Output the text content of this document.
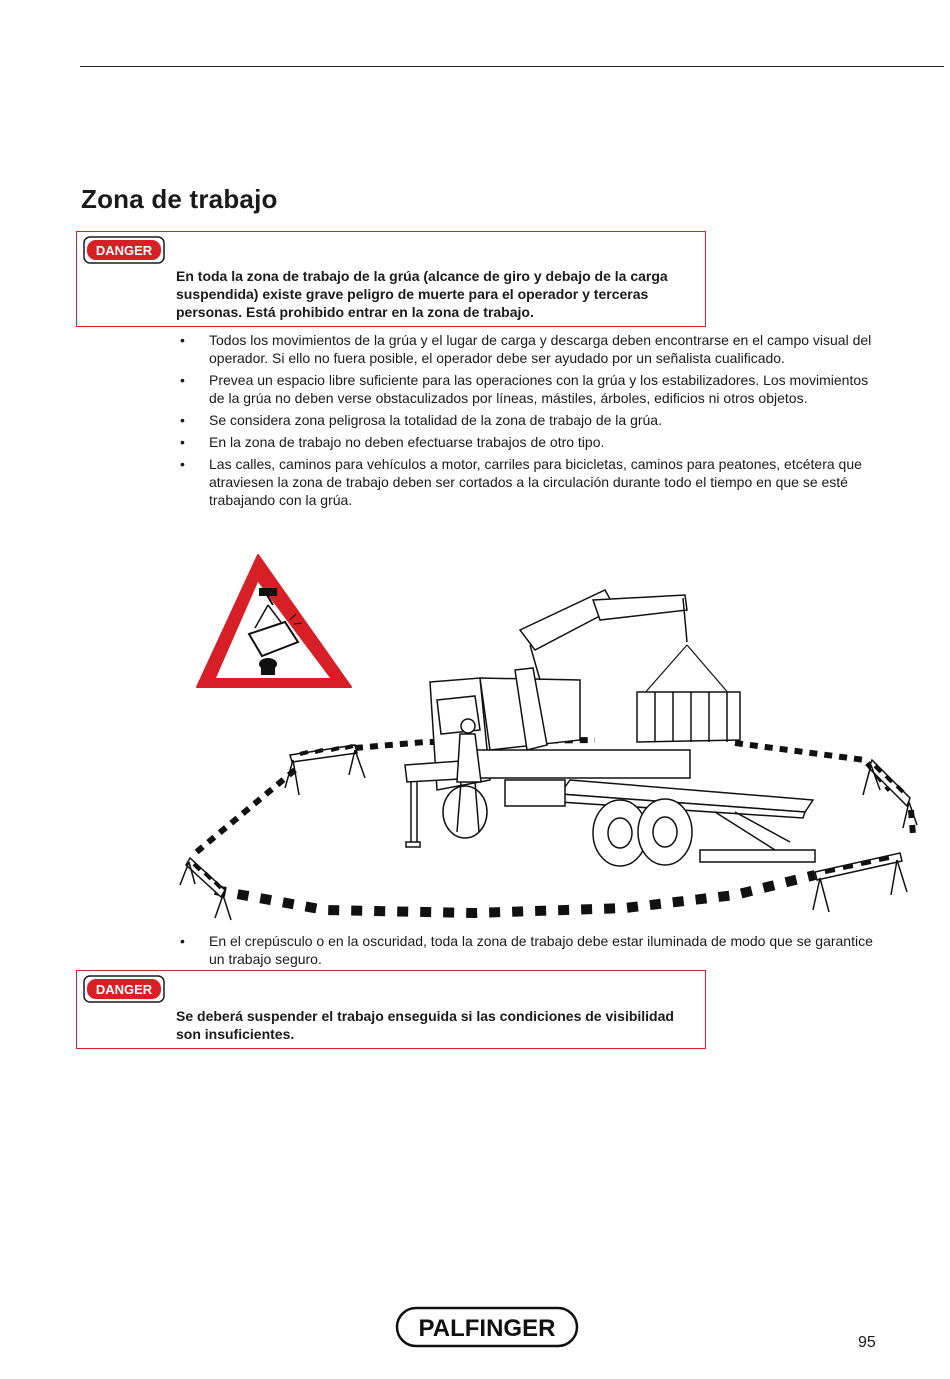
Zona de trabajo
DANGER
En toda la zona de trabajo de la grúa (alcance de giro y debajo de la carga suspendida) existe grave peligro de muerte para el operador y terceras personas. Está prohibido entrar en la zona de trabajo.
• Todos los movimientos de la grúa y el lugar de carga y descarga deben encontrarse en el campo visual del operador. Si ello no fuera posible, el operador debe ser ayudado por un señalista cualificado.
• Prevea un espacio libre suficiente para las operaciones con la grúa y los estabilizadores. Los movimientos de la grúa no deben verse obstaculizados por líneas, mástiles, árboles, edificios ni otros objetos.
• Se considera zona peligrosa la totalidad de la zona de trabajo de la grúa.
• En la zona de trabajo no deben efectuarse trabajos de otro tipo.
• Las calles, caminos para vehículos a motor, carriles para bicicletas, caminos para peatones, etcétera que atraviesen la zona de trabajo deben ser cortados a la circulación durante todo el tiempo en que se esté trabajando con la grúa.
• En el crepúsculo o en la oscuridad, toda la zona de trabajo debe estar iluminada de modo que se garantice un trabajo seguro.
DANGER
Se deberá suspender el trabajo enseguida si las condiciones de visibilidad son insuficientes.
PALFINGER
95
